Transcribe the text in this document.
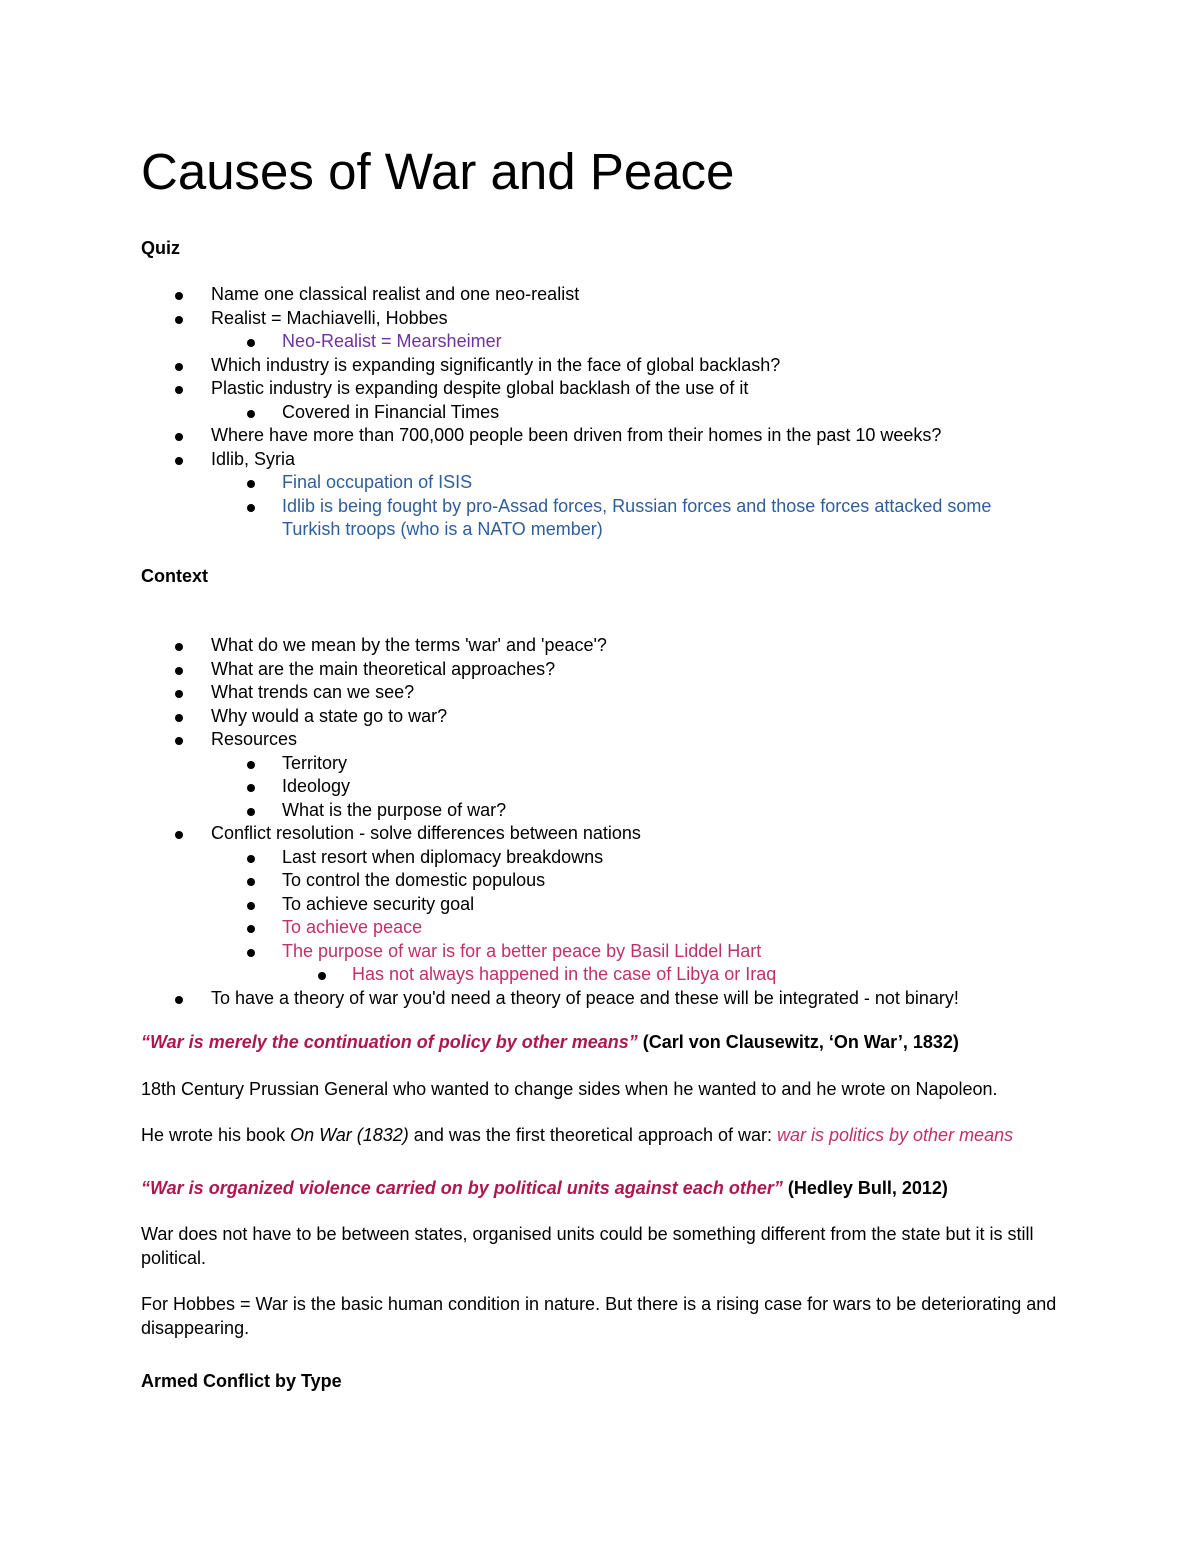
Causes of War and Peace
Quiz
Name one classical realist and one neo-realist
Realist = Machiavelli, Hobbes
Neo-Realist = Mearsheimer
Which industry is expanding significantly in the face of global backlash?
Plastic industry is expanding despite global backlash of the use of it
Covered in Financial Times
Where have more than 700,000 people been driven from their homes in the past 10 weeks?
Idlib, Syria
Final occupation of ISIS
Idlib is being fought by pro-Assad forces, Russian forces and those forces attacked some Turkish troops (who is a NATO member)
Context
What do we mean by the terms 'war' and 'peace'?
What are the main theoretical approaches?
What trends can we see?
Why would a state go to war?
Resources
Territory
Ideology
What is the purpose of war?
Conflict resolution - solve differences between nations
Last resort when diplomacy breakdowns
To control the domestic populous
To achieve security goal
To achieve peace
The purpose of war is for a better peace by Basil Liddel Hart
Has not always happened in the case of Libya or Iraq
To have a theory of war you'd need a theory of peace and these will be integrated - not binary!

“War is merely the continuation of policy by other means” (Carl von Clausewitz, ‘On War’, 1832)

18th Century Prussian General who wanted to change sides when he wanted to and he wrote on Napoleon.

He wrote his book On War (1832) and was the first theoretical approach of war: war is politics by other means

“War is organized violence carried on by political units against each other” (Hedley Bull, 2012)

War does not have to be between states, organised units could be something different from the state but it is still political.

For Hobbes = War is the basic human condition in nature. But there is a rising case for wars to be deteriorating and disappearing.

Armed Conflict by Type
